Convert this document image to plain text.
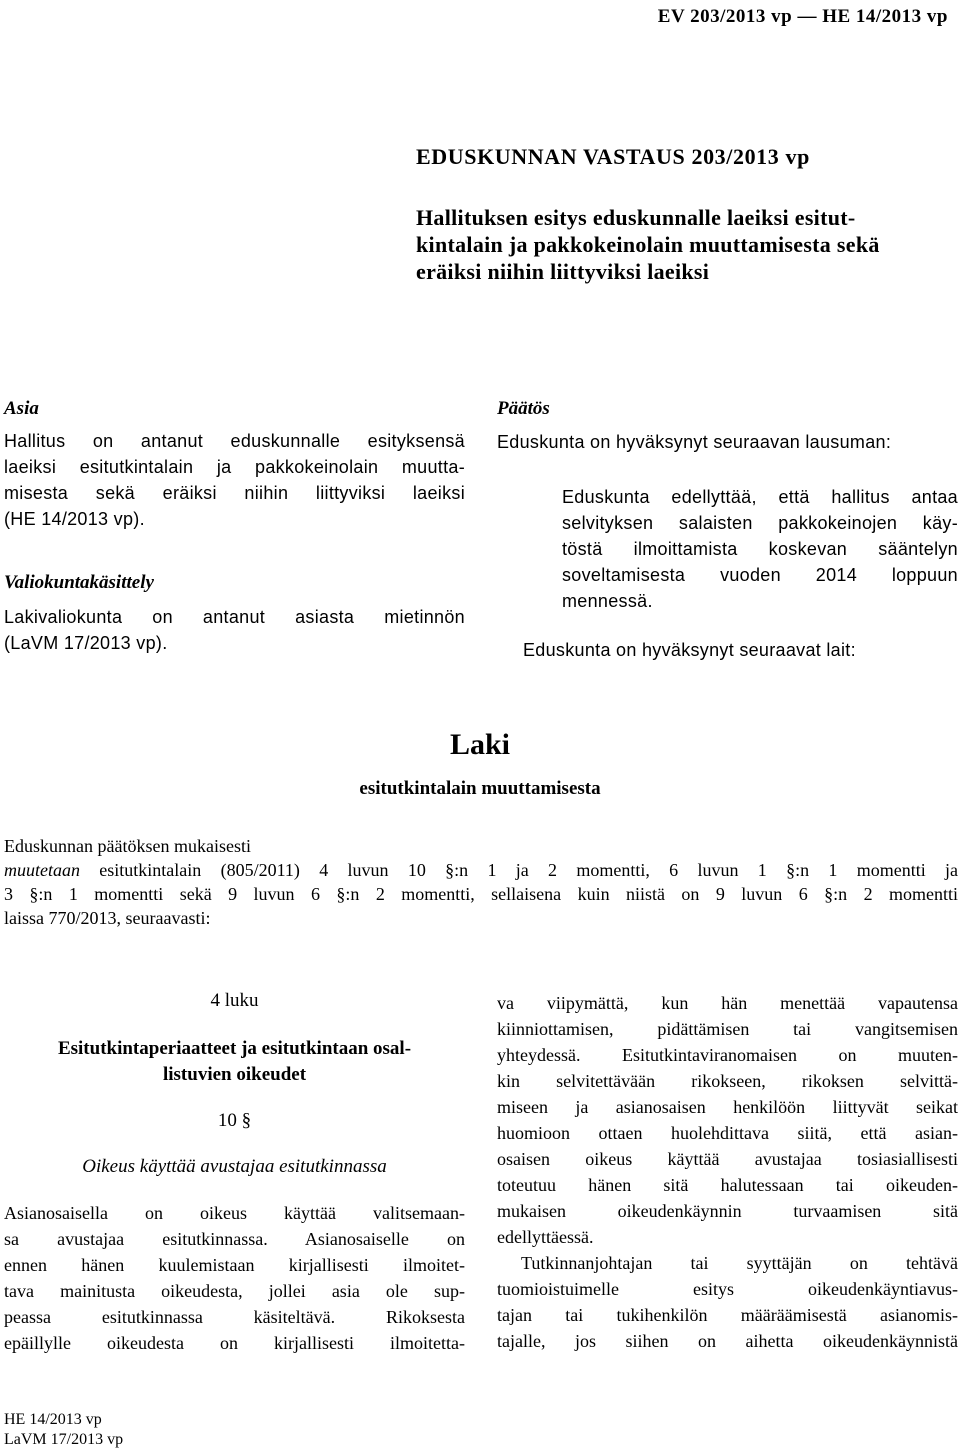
EV 203/2013 vp — HE 14/2013 vp
EDUSKUNNAN VASTAUS 203/2013 vp
Hallituksen esitys eduskunnalle laeiksi esitut-
kintalain ja pakkokeinolain muuttamisesta sekä
eräiksi niihin liittyviksi laeiksi
Asia
Hallitus on antanut eduskunnalle esityksensä
laeiksi esitutkintalain ja pakkokeinolain muutta-
misesta sekä eräiksi niihin liittyviksi laeiksi
(HE 14/2013 vp).
Valiokuntakäsittely
Lakivaliokunta on antanut asiasta mietinnön
(LaVM 17/2013 vp).
Päätös
Eduskunta on hyväksynyt seuraavan lausuman:
Eduskunta edellyttää, että hallitus antaa
selvityksen salaisten pakkokeinojen käy-
töstä ilmoittamista koskevan sääntelyn
soveltamisesta vuoden 2014 loppuun
mennessä.
Eduskunta on hyväksynyt seuraavat lait:
Laki
esitutkintalain muuttamisesta
Eduskunnan päätöksen mukaisesti
muutetaan esitutkintalain (805/2011) 4 luvun 10 §:n 1 ja 2 momentti, 6 luvun 1 §:n 1 momentti ja
3 §:n 1 momentti sekä 9 luvun 6 §:n 2 momentti, sellaisena kuin niistä on 9 luvun 6 §:n 2 momentti
laissa 770/2013, seuraavasti:
4 luku
Esitutkintaperiaatteet ja esitutkintaan osal-
listuvien oikeudet
10 §
Oikeus käyttää avustajaa esitutkinnassa
Asianosaisella on oikeus käyttää valitsemaan-
sa avustajaa esitutkinnassa. Asianosaiselle on
ennen hänen kuulemistaan kirjallisesti ilmoitet-
tava mainitusta oikeudesta, jollei asia ole sup-
peassa esitutkinnassa käsiteltävä. Rikoksesta
epäillylle oikeudesta on kirjallisesti ilmoitetta-
va viipymättä, kun hän menettää vapautensa
kiinniottamisen, pidättämisen tai vangitsemisen
yhteydessä. Esitutkintaviranomaisen on muuten-
kin selvitettävään rikokseen, rikoksen selvittä-
miseen ja asianosaisen henkilöön liittyvät seikat
huomioon ottaen huolehdittava siitä, että asian-
osaisen oikeus käyttää avustajaa tosiasiallisesti
toteutuu hänen sitä halutessaan tai oikeuden-
mukaisen oikeudenkäynnin turvaamisen sitä
edellyttäessä.
Tutkinnanjohtajan tai syyttäjän on tehtävä
tuomioistuimelle esitys oikeudenkäyntiavus-
tajan tai tukihenkilön määräämisestä asianomis-
tajalle, jos siihen on aihetta oikeudenkäynnistä
HE 14/2013 vp
LaVM 17/2013 vp
